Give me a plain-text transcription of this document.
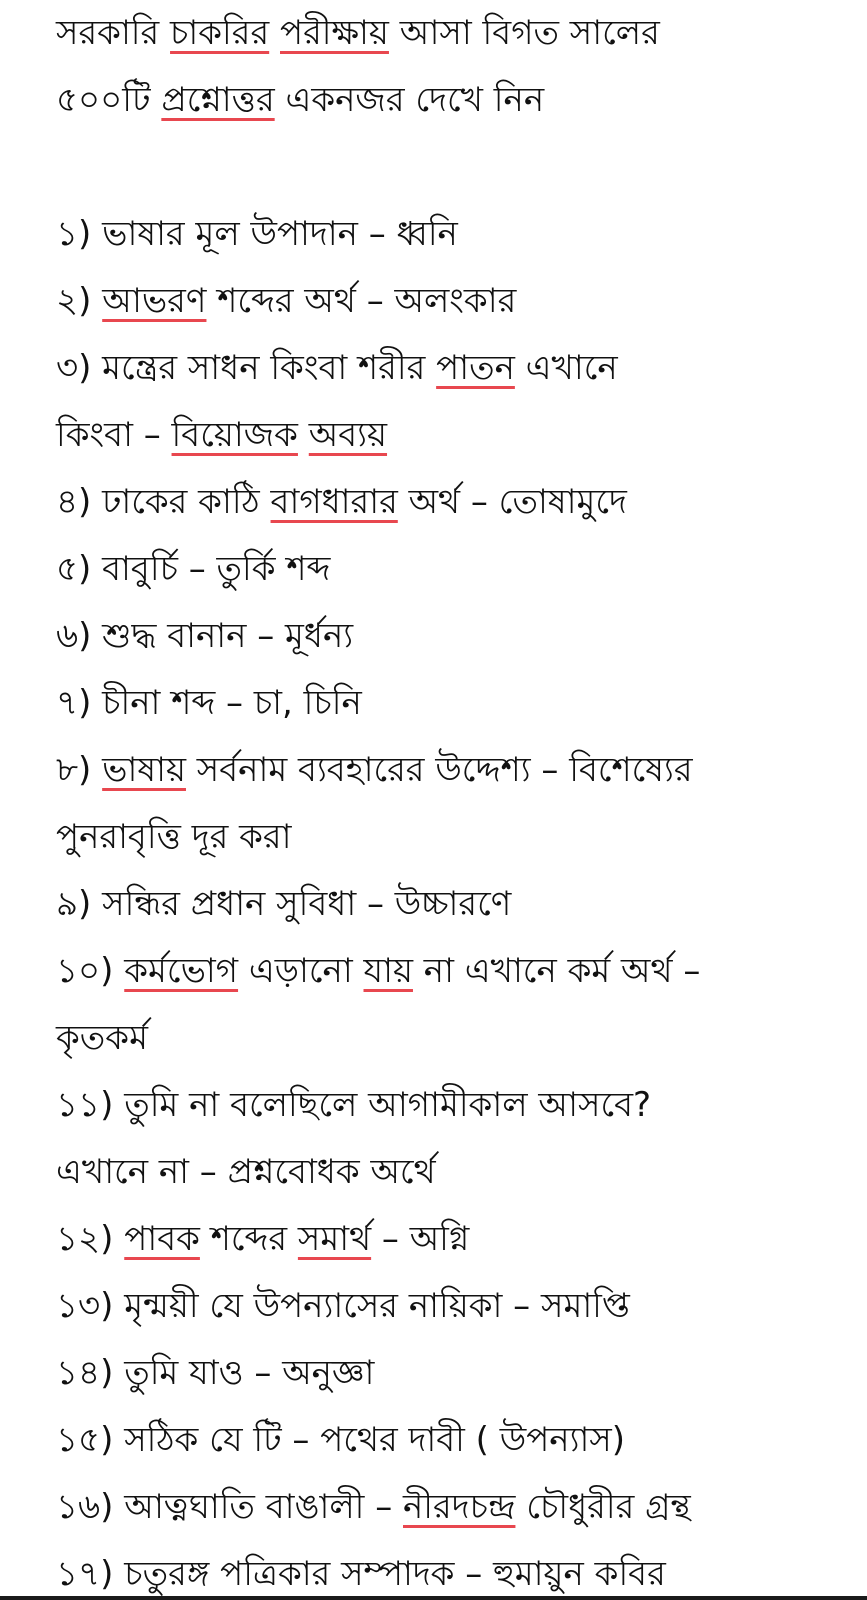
সরকারি চাকরির পরীক্ষায় আসা বিগত সালের
৫০০টি প্রশ্নোত্তর একনজর দেখে নিন
১) ভাষার মূল উপাদান – ধ্বনি
২) আভরণ শব্দের অর্থ – অলংকার
৩) মন্ত্রের সাধন কিংবা শরীর পাতন এখানে
কিংবা – বিয়োজক অব্যয়
৪) ঢাকের কাঠি বাগধারার অর্থ – তোষামুদে
৫) বাবুর্চি – তুর্কি শব্দ
৬) শুদ্ধ বানান – মূর্ধন্য
৭) চীনা শব্দ – চা, চিনি
৮) ভাষায় সর্বনাম ব্যবহারের উদ্দেশ্য – বিশেষ্যের
পুনরাবৃত্তি দূর করা
৯) সন্ধির প্রধান সুবিধা – উচ্চারণে
১০) কর্মভোগ এড়ানো যায় না এখানে কর্ম অর্থ –
কৃতকর্ম
১১) তুমি না বলেছিলে আগামীকাল আসবে?
এখানে না – প্রশ্নবোধক অর্থে
১২) পাবক শব্দের সমার্থ – অগ্নি
১৩) মৃন্ময়ী যে উপন্যাসের নায়িকা – সমাপ্তি
১৪) তুমি যাও – অনুজ্ঞা
১৫) সঠিক যে টি – পথের দাবী ( উপন্যাস)
১৬) আত্নঘাতি বাঙালী – নীরদচন্দ্র চৌধুরীর গ্রন্থ
১৭) চতুরঙ্গ পত্রিকার সম্পাদক – হুমায়ুন কবির
